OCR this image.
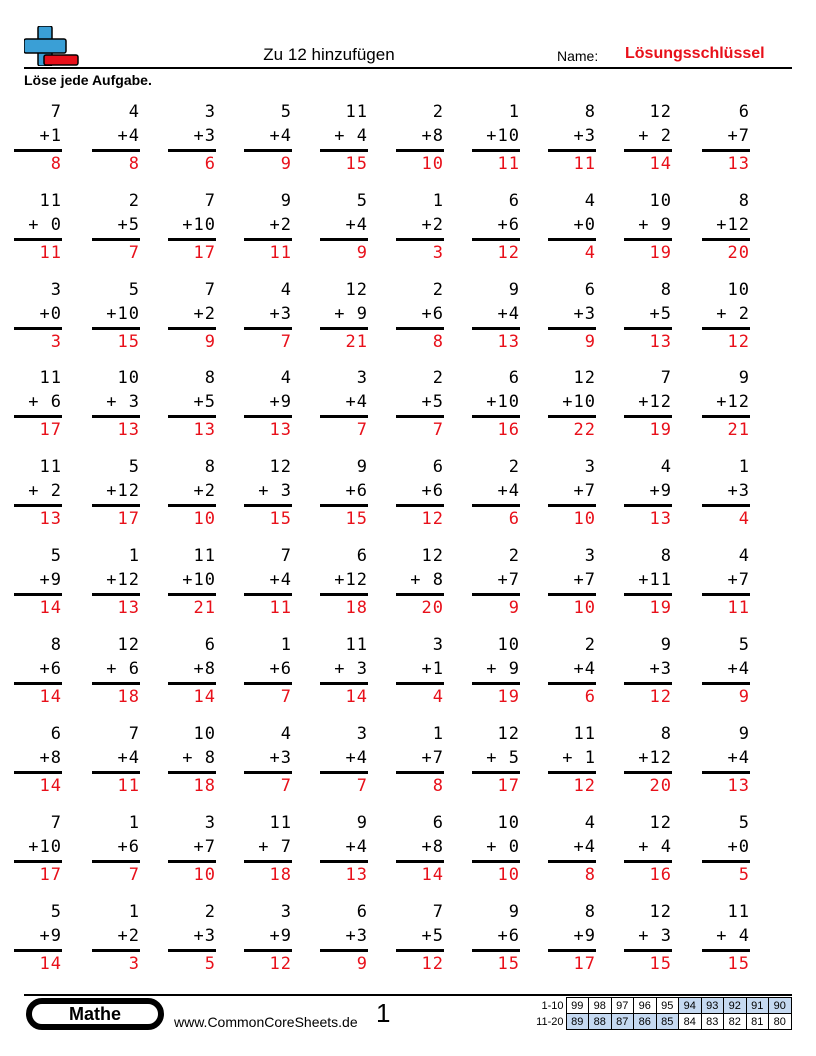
Zu 12 hinzufügen	Name: Lösungsschlüssel
Löse jede Aufgabe.
7
+1
8
4
+4
8
3
+3
6
5
+4
9
11
+ 4
15
2
+8
10
1
+10
11
8
+3
11
12
+ 2
14
6
+7
13
11
+ 0
11
2
+5
7
7
+10
17
9
+2
11
5
+4
9
1
+2
3
6
+6
12
4
+0
4
10
+ 9
19
8
+12
20
3
+0
3
5
+10
15
7
+2
9
4
+3
7
12
+ 9
21
2
+6
8
9
+4
13
6
+3
9
8
+5
13
10
+ 2
12
11
+ 6
17
10
+ 3
13
8
+5
13
4
+9
13
3
+4
7
2
+5
7
6
+10
16
12
+10
22
7
+12
19
9
+12
21
11
+ 2
13
5
+12
17
8
+2
10
12
+ 3
15
9
+6
15
6
+6
12
2
+4
6
3
+7
10
4
+9
13
1
+3
4
5
+9
14
1
+12
13
11
+10
21
7
+4
11
6
+12
18
12
+ 8
20
2
+7
9
3
+7
10
8
+11
19
4
+7
11
8
+6
14
12
+ 6
18
6
+8
14
1
+6
7
11
+ 3
14
3
+1
4
10
+ 9
19
2
+4
6
9
+3
12
5
+4
9
6
+8
14
7
+4
11
10
+ 8
18
4
+3
7
3
+4
7
1
+7
8
12
+ 5
17
11
+ 1
12
8
+12
20
9
+4
13
7
+10
17
1
+6
7
3
+7
10
11
+ 7
18
9
+4
13
6
+8
14
10
+ 0
10
4
+4
8
12
+ 4
16
5
+0
5
5
+9
14
1
+2
3
2
+3
5
3
+9
12
6
+3
9
7
+5
12
9
+6
15
8
+9
17
12
+ 3
15
11
+ 4
15
Mathe	www.CommonCoreSheets.de 1	1-10	99	98	97	96	95	94	93	92	91	90
11-20	89	88	87	86	85	84	83	82	81	80
